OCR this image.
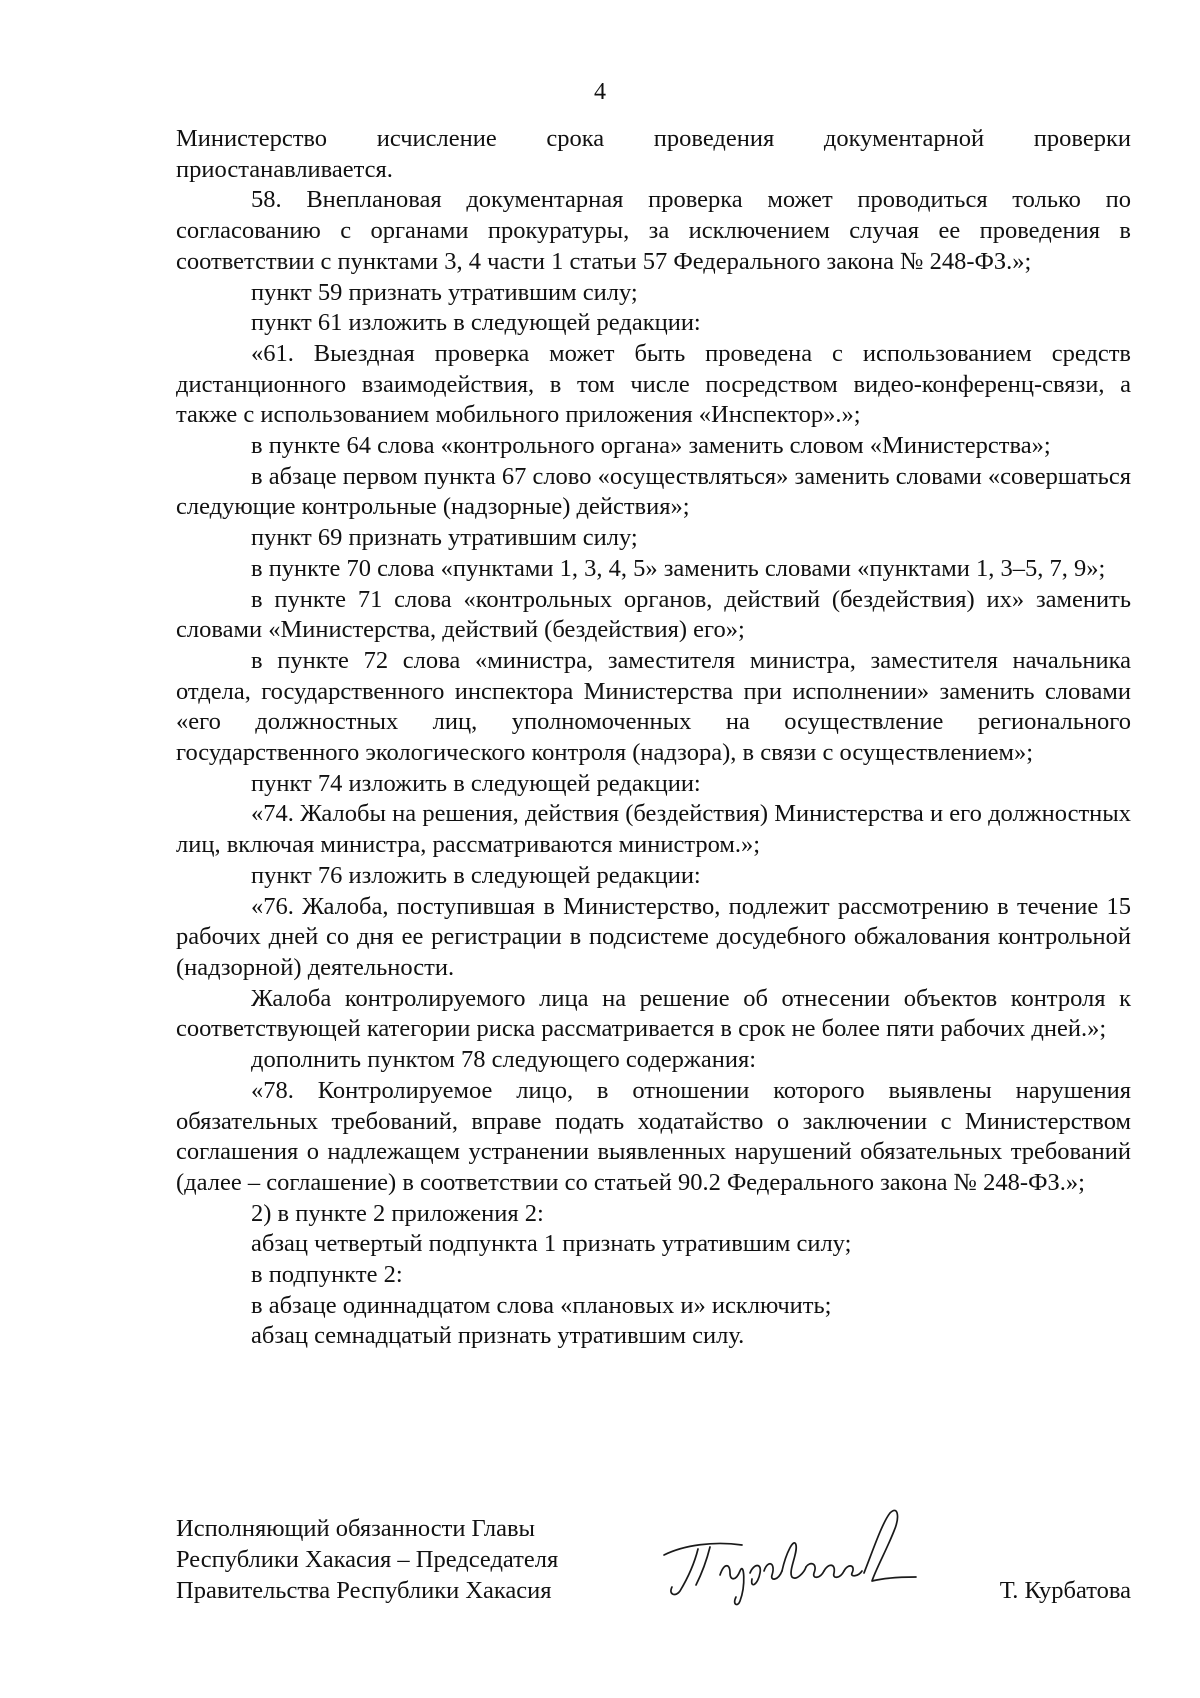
4

Министерство исчисление срока проведения документарной проверки приостанавливается.

58. Внеплановая документарная проверка может проводиться только по согласованию с органами прокуратуры, за исключением случая ее проведения в соответствии с пунктами 3, 4 части 1 статьи 57 Федерального закона № 248-ФЗ.»;

пункт 59 признать утратившим силу;

пункт 61 изложить в следующей редакции:

«61. Выездная проверка может быть проведена с использованием средств дистанционного взаимодействия, в том числе посредством видео-конференц-связи, а также с использованием мобильного приложения «Инспектор».»;

в пункте 64 слова «контрольного органа» заменить словом «Министерства»;

в абзаце первом пункта 67 слово «осуществляться» заменить словами «совершаться следующие контрольные (надзорные) действия»;

пункт 69 признать утратившим силу;

в пункте 70 слова «пунктами 1, 3, 4, 5» заменить словами «пунктами 1, 3–5, 7, 9»;

в пункте 71 слова «контрольных органов, действий (бездействия) их» заменить словами «Министерства, действий (бездействия) его»;

в пункте 72 слова «министра, заместителя министра, заместителя начальника отдела, государственного инспектора Министерства при исполнении» заменить словами «его должностных лиц, уполномоченных на осуществление регионального государственного экологического контроля (надзора), в связи с осуществлением»;

пункт 74 изложить в следующей редакции:

«74. Жалобы на решения, действия (бездействия) Министерства и его должностных лиц, включая министра, рассматриваются министром.»;

пункт 76 изложить в следующей редакции:

«76. Жалоба, поступившая в Министерство, подлежит рассмотрению в течение 15 рабочих дней со дня ее регистрации в подсистеме досудебного обжалования контрольной (надзорной) деятельности.

Жалоба контролируемого лица на решение об отнесении объектов контроля к соответствующей категории риска рассматривается в срок не более пяти рабочих дней.»;

дополнить пунктом 78 следующего содержания:

«78. Контролируемое лицо, в отношении которого выявлены нарушения обязательных требований, вправе подать ходатайство о заключении с Министерством соглашения о надлежащем устранении выявленных нарушений обязательных требований (далее – соглашение) в соответствии со статьей 90.2 Федерального закона № 248-ФЗ.»;

2) в пункте 2 приложения 2:

абзац четвертый подпункта 1 признать утратившим силу;

в подпункте 2:

в абзаце одиннадцатом слова «плановых и» исключить;

абзац семнадцатый признать утратившим силу.

Исполняющий обязанности Главы
Республики Хакасия – Председателя
Правительства Республики Хакасия	Т. Курбатова
